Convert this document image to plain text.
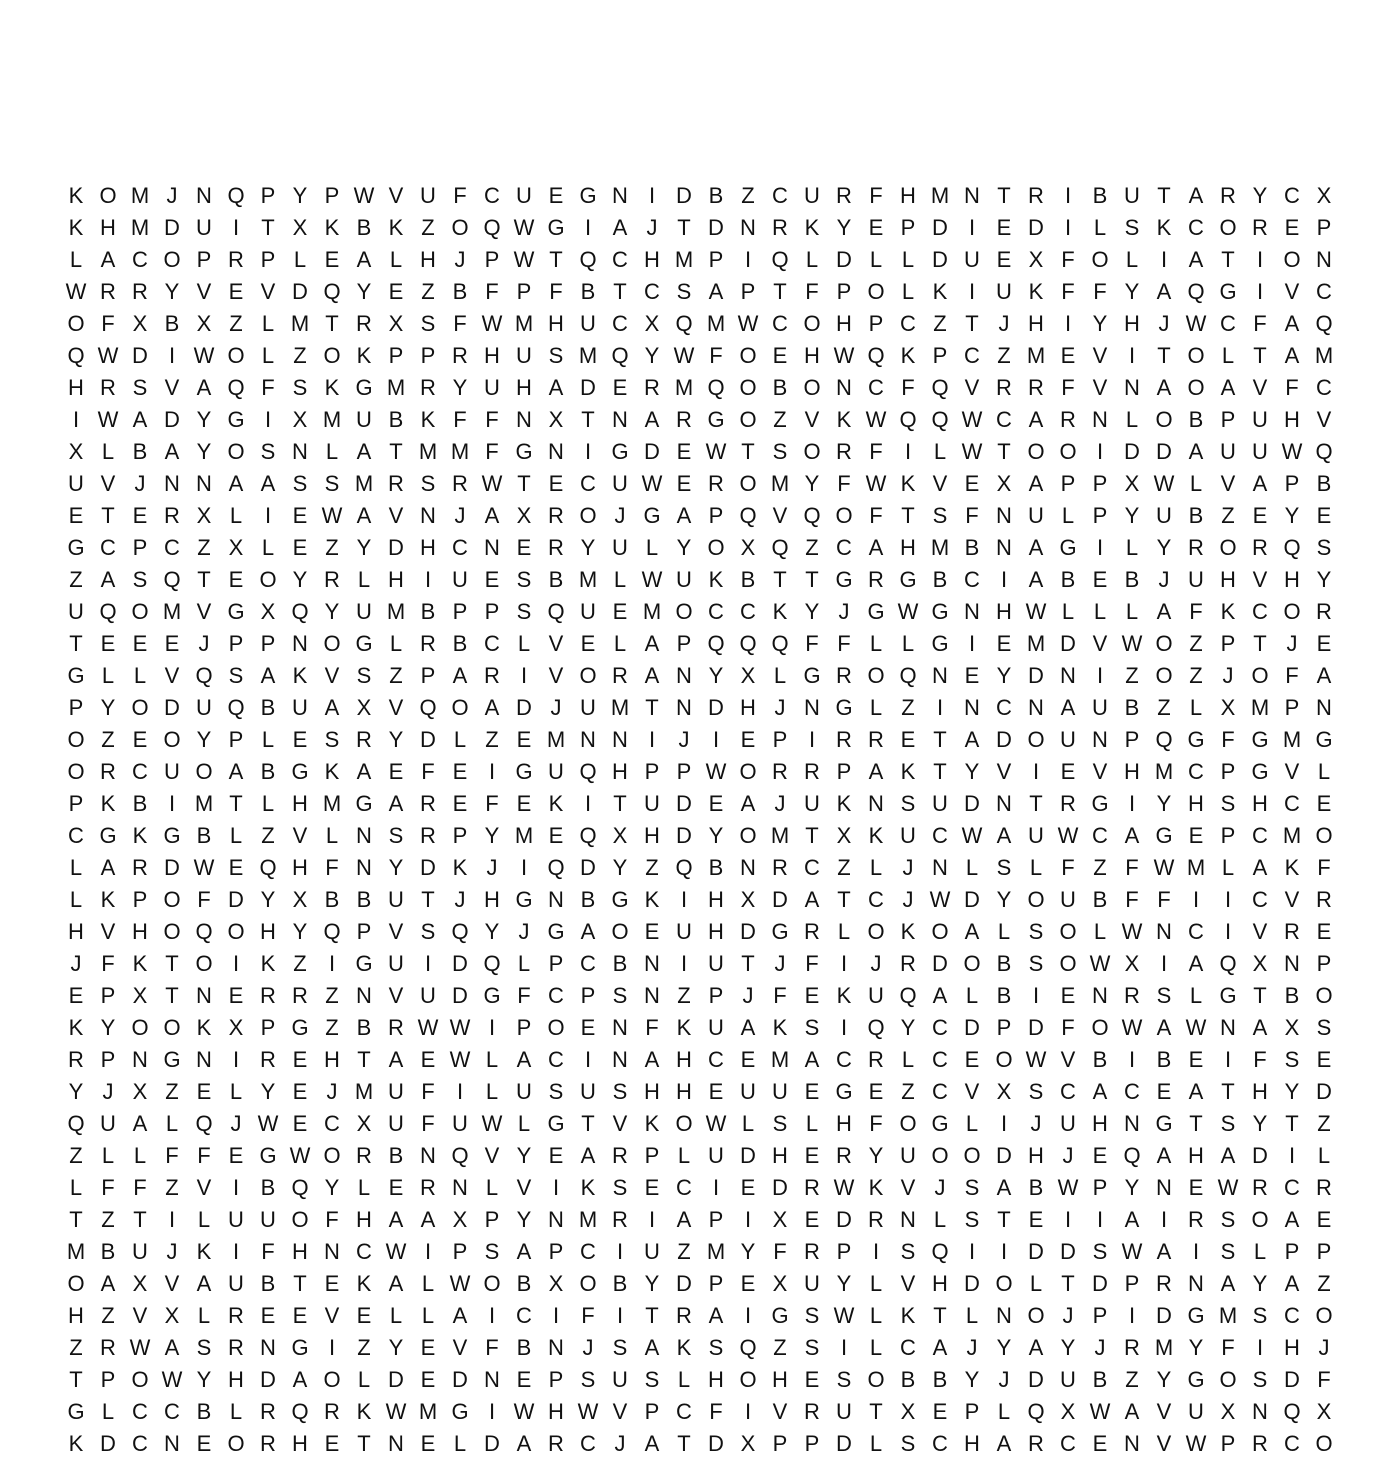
K O M J N Q P Y P W V U F C U E G N I D B Z C U R F H M N T R I B U T A R Y C X
K H M D U I	T X K B K Z O Q W G I A J T D N R K Y E P D I E D I	L S K C O R E P
L A C O P R P L E A L H J P W T Q C H M P I Q L D L L D U E X F O L	I A T	I O N
W R R Y V E V D Q Y E Z B F P F B T C S A P T F P O L K I U K F F Y A Q G I V C
O F X B X Z L M T R X S F W M H U C X Q M W C O H P C Z T J H I Y H J W C F A Q
Q W D I W O L Z O K P P R H U S M Q Y W F O E H W Q K P C Z M E V I	T O L T A M
H R S V A Q F S K G M R Y U H A D E R M Q O B O N C F Q V R R F V N A O A V F C
I W A D Y G I X M U B K F F N X T N A R G O Z V K W Q Q W C A R N L O B P U H V
X L B A Y O S N L A T M M F G N I G D E W T S O R F	I	L W T O O I D D A U U W Q
U V J N N A A S S M R S R W T E C U W E R O M Y F W K V E X A P P X W L V A P B
E T E R X L	I E W A V N J A X R O J G A P Q V Q O F T S F N U L P Y U B Z E Y E
G C P C Z X L E Z Y D H C N E R Y U L Y O X Q Z C A H M B N A G I	L Y R O R Q S
Z A S Q T E O Y R L H I U E S B M L W U K B T T G R G B C I A B E B J U H V H Y
U Q O M V G X Q Y U M B P P S Q U E M O C C K Y J G W G N H W L L L A F K C O R
T E E E J P P N O G L R B C L V E L A P Q Q Q F F L L G I E M D V W O Z P T J E
G L L V Q S A K V S Z P A R I V O R A N Y X L G R O Q N E Y D N I	Z O Z J O F A
P Y O D U Q B U A X V Q O A D J U M T N D H J N G L Z	I N C N A U B Z L X M P N
O Z E O Y P L E S R Y D L Z E M N N I	J	I E P I R R E T A D O U N P Q G F G M G
O R C U O A B G K A E F E I G U Q H P P W O R R P A K T Y V I E V H M C P G V L
P K B I M T L H M G A R E F E K I	T U D E A J U K N S U D N T R G I Y H S H C E
C G K G B L Z V L N S R P Y M E Q X H D Y O M T X K U C W A U W C A G E P C M O
L A R D W E Q H F N Y D K J	I Q D Y Z Q B N R C Z L J N L S L F Z F W M L A K F
L K P O F D Y X B B U T J H G N B G K I H X D A T C J W D Y O U B F F	I	I C V R
H V H O Q O H Y Q P V S Q Y J G A O E U H D G R L O K O A L S O L W N C I V R E
J F K T O I K Z	I G U I D Q L P C B N I U T J F	I	J R D O B S O W X I A Q X N P
E P X T N E R R Z N V U D G F C P S N Z P J F E K U Q A L B I E N R S L G T B O
K Y O O K X P G Z B R W W I P O E N F K U A K S I Q Y C D P D F O W A W N A X S
R P N G N I R E H T A E W L A C I N A H C E M A C R L C E O W V B I B E I	F S E
Y J X Z E L Y E J M U F	I	L U S U S H H E U U E G E Z C V X S C A C E A T H Y D
Q U A L Q J W E C X U F U W L G T V K O W L S L H F O G L	I	J U H N G T S Y T Z
Z L L F F E G W O R B N Q V Y E A R P L U D H E R Y U O O D H J E Q A H A D I	L
L F F Z V I B Q Y L E R N L V I K S E C I E D R W K V J S A B W P Y N E W R C R
T Z T	I	L U U O F H A A X P Y N M R I A P I X E D R N L S T E I	I A I R S O A E
M B U J K I	F H N C W I P S A P C I U Z M Y F R P I S Q I	I D D S W A I S L P P
O A X V A U B T E K A L W O B X O B Y D P E X U Y L V H D O L T D P R N A Y A Z
H Z V X L R E E V E L L A I C I	F	I	T R A I G S W L K T L N O J P I D G M S C O
Z R W A S R N G I	Z Y E V F B N J S A K S Q Z S I	L C A J Y A Y J R M Y F	I H J
T P O W Y H D A O L D E D N E P S U S L H O H E S O B B Y J D U B Z Y G O S D F
G L C C B L R Q R K W M G I W H W V P C F	I V R U T X E P L Q X W A V U X N Q X
K D C N E O R H E T N E L D A R C J A T D X P P D L S C H A R C E N V W P R C O
